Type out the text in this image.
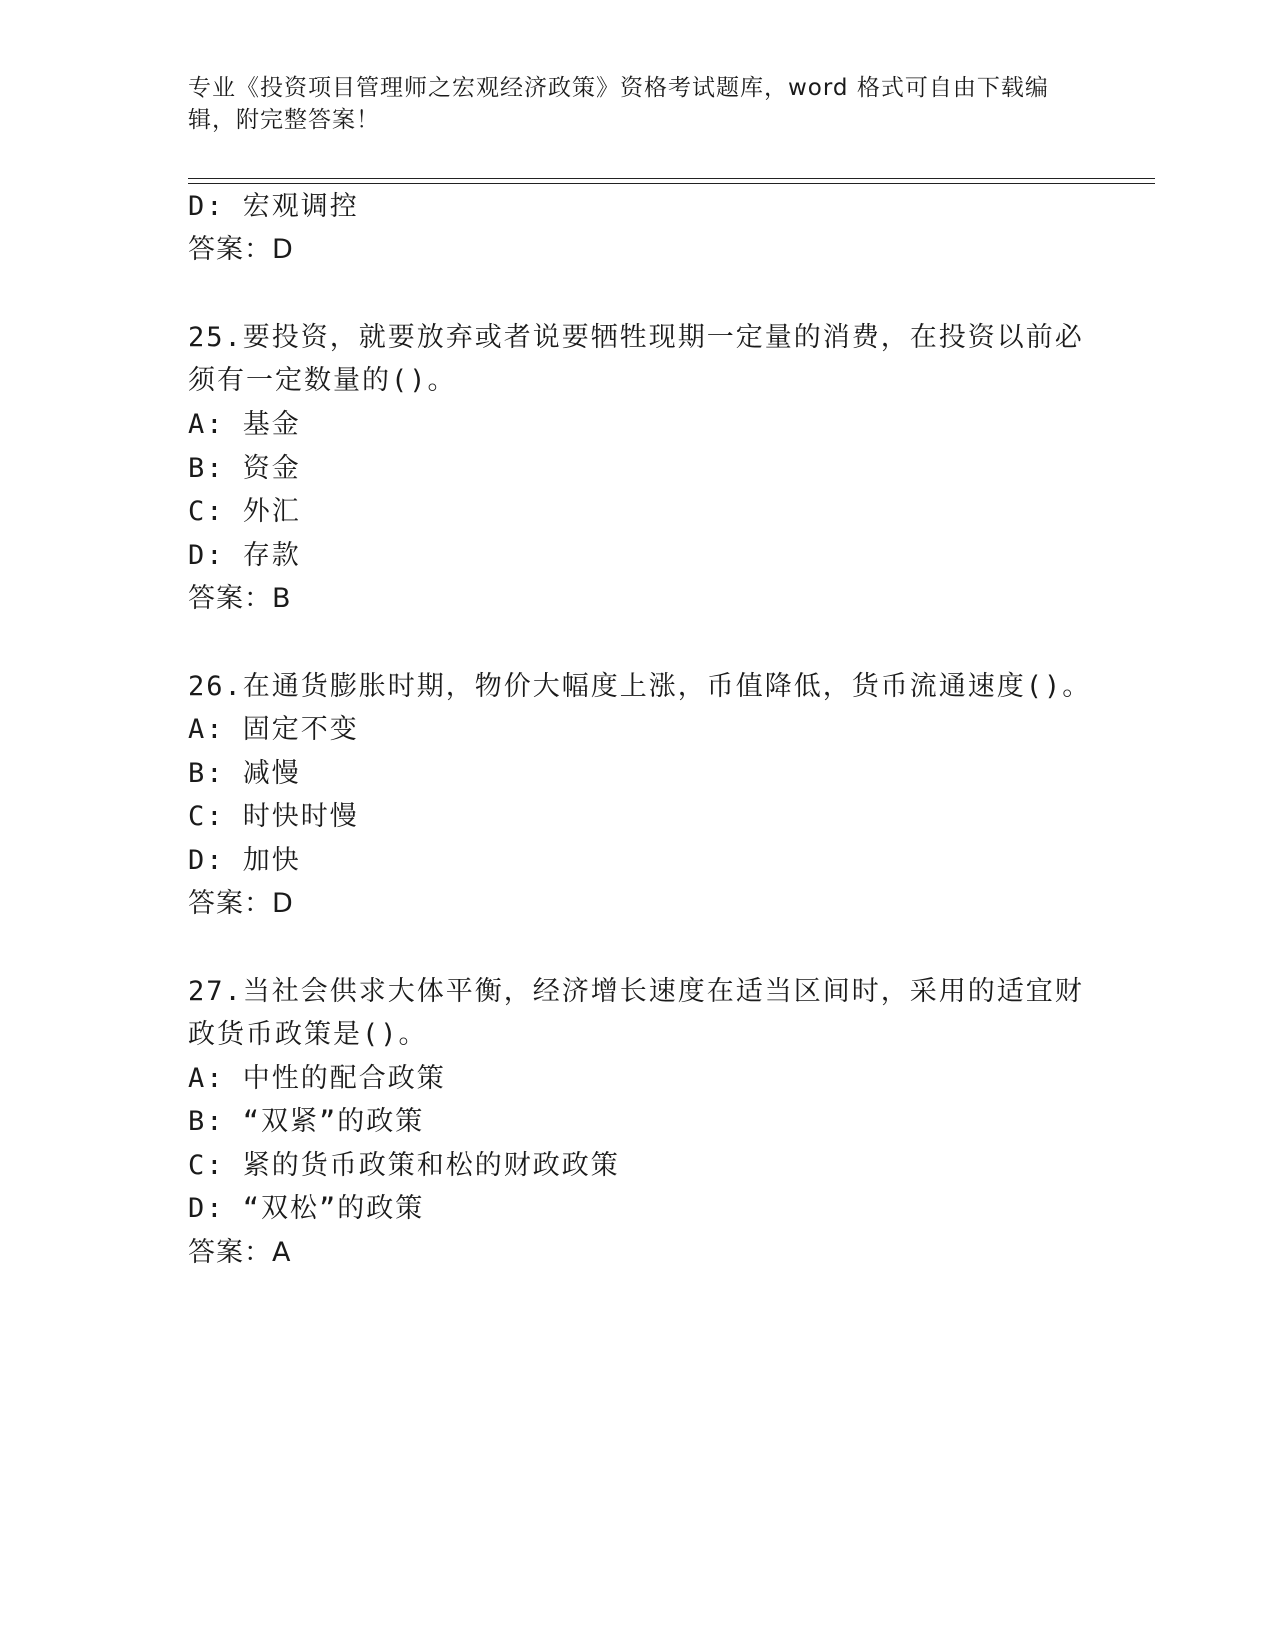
专业《投资项目管理师之宏观经济政策》资格考试题库，word 格式可自由下载编
辑，附完整答案！
D: 宏观调控
答案：D
25.要投资，就要放弃或者说要牺牲现期一定量的消费，在投资以前必
须有一定数量的()。
A: 基金
B: 资金
C: 外汇
D: 存款
答案：B
26.在通货膨胀时期，物价大幅度上涨，币值降低，货币流通速度()。
A: 固定不变
B: 减慢
C: 时快时慢
D: 加快
答案：D
27.当社会供求大体平衡，经济增长速度在适当区间时，采用的适宜财
政货币政策是()。
A: 中性的配合政策
B: “双紧”的政策
C: 紧的货币政策和松的财政政策
D: “双松”的政策
答案：A
